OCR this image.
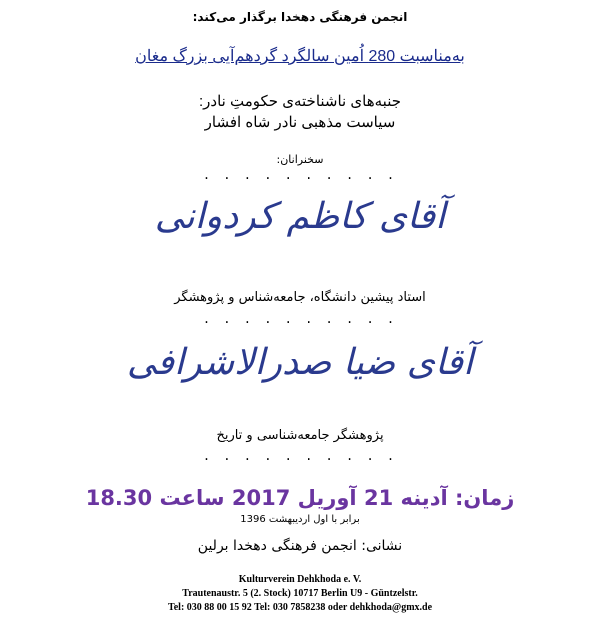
انجمن فرهنگی دهخدا برگذار می‌کند:
به‌مناسبت 280 اُمین سالگرد گردهم‌آیی بزرگ مغان
جنبه‌های ناشناخته‌ی حکومتِ نادر:
سیاست مذهبی نادر شاه افشار
سخنرانان:
. . . . . . . . . .
آقای کاظم کردوانی
استاد پیشین دانشگاه، جامعه‌شناس و پژوهشگر
. . . . . . . . . .
آقای ضیا صدرالاشرافی
پژوهشگر جامعه‌شناسی و تاریخ
. . . . . . . . . .
زمان: آدینه 21 آوریل 2017 ساعت 18.30
برابر با اول اردیبهشت 1396
نشانی: انجمن فرهنگی دهخدا برلین
Kulturverein Dehkhoda e. V.
Trautenaustr. 5 (2. Stock) 10717 Berlin U9 - Güntzelstr.
Tel: 030 88 00 15 92 Tel: 030 7858238 oder dehkhoda@gmx.de
